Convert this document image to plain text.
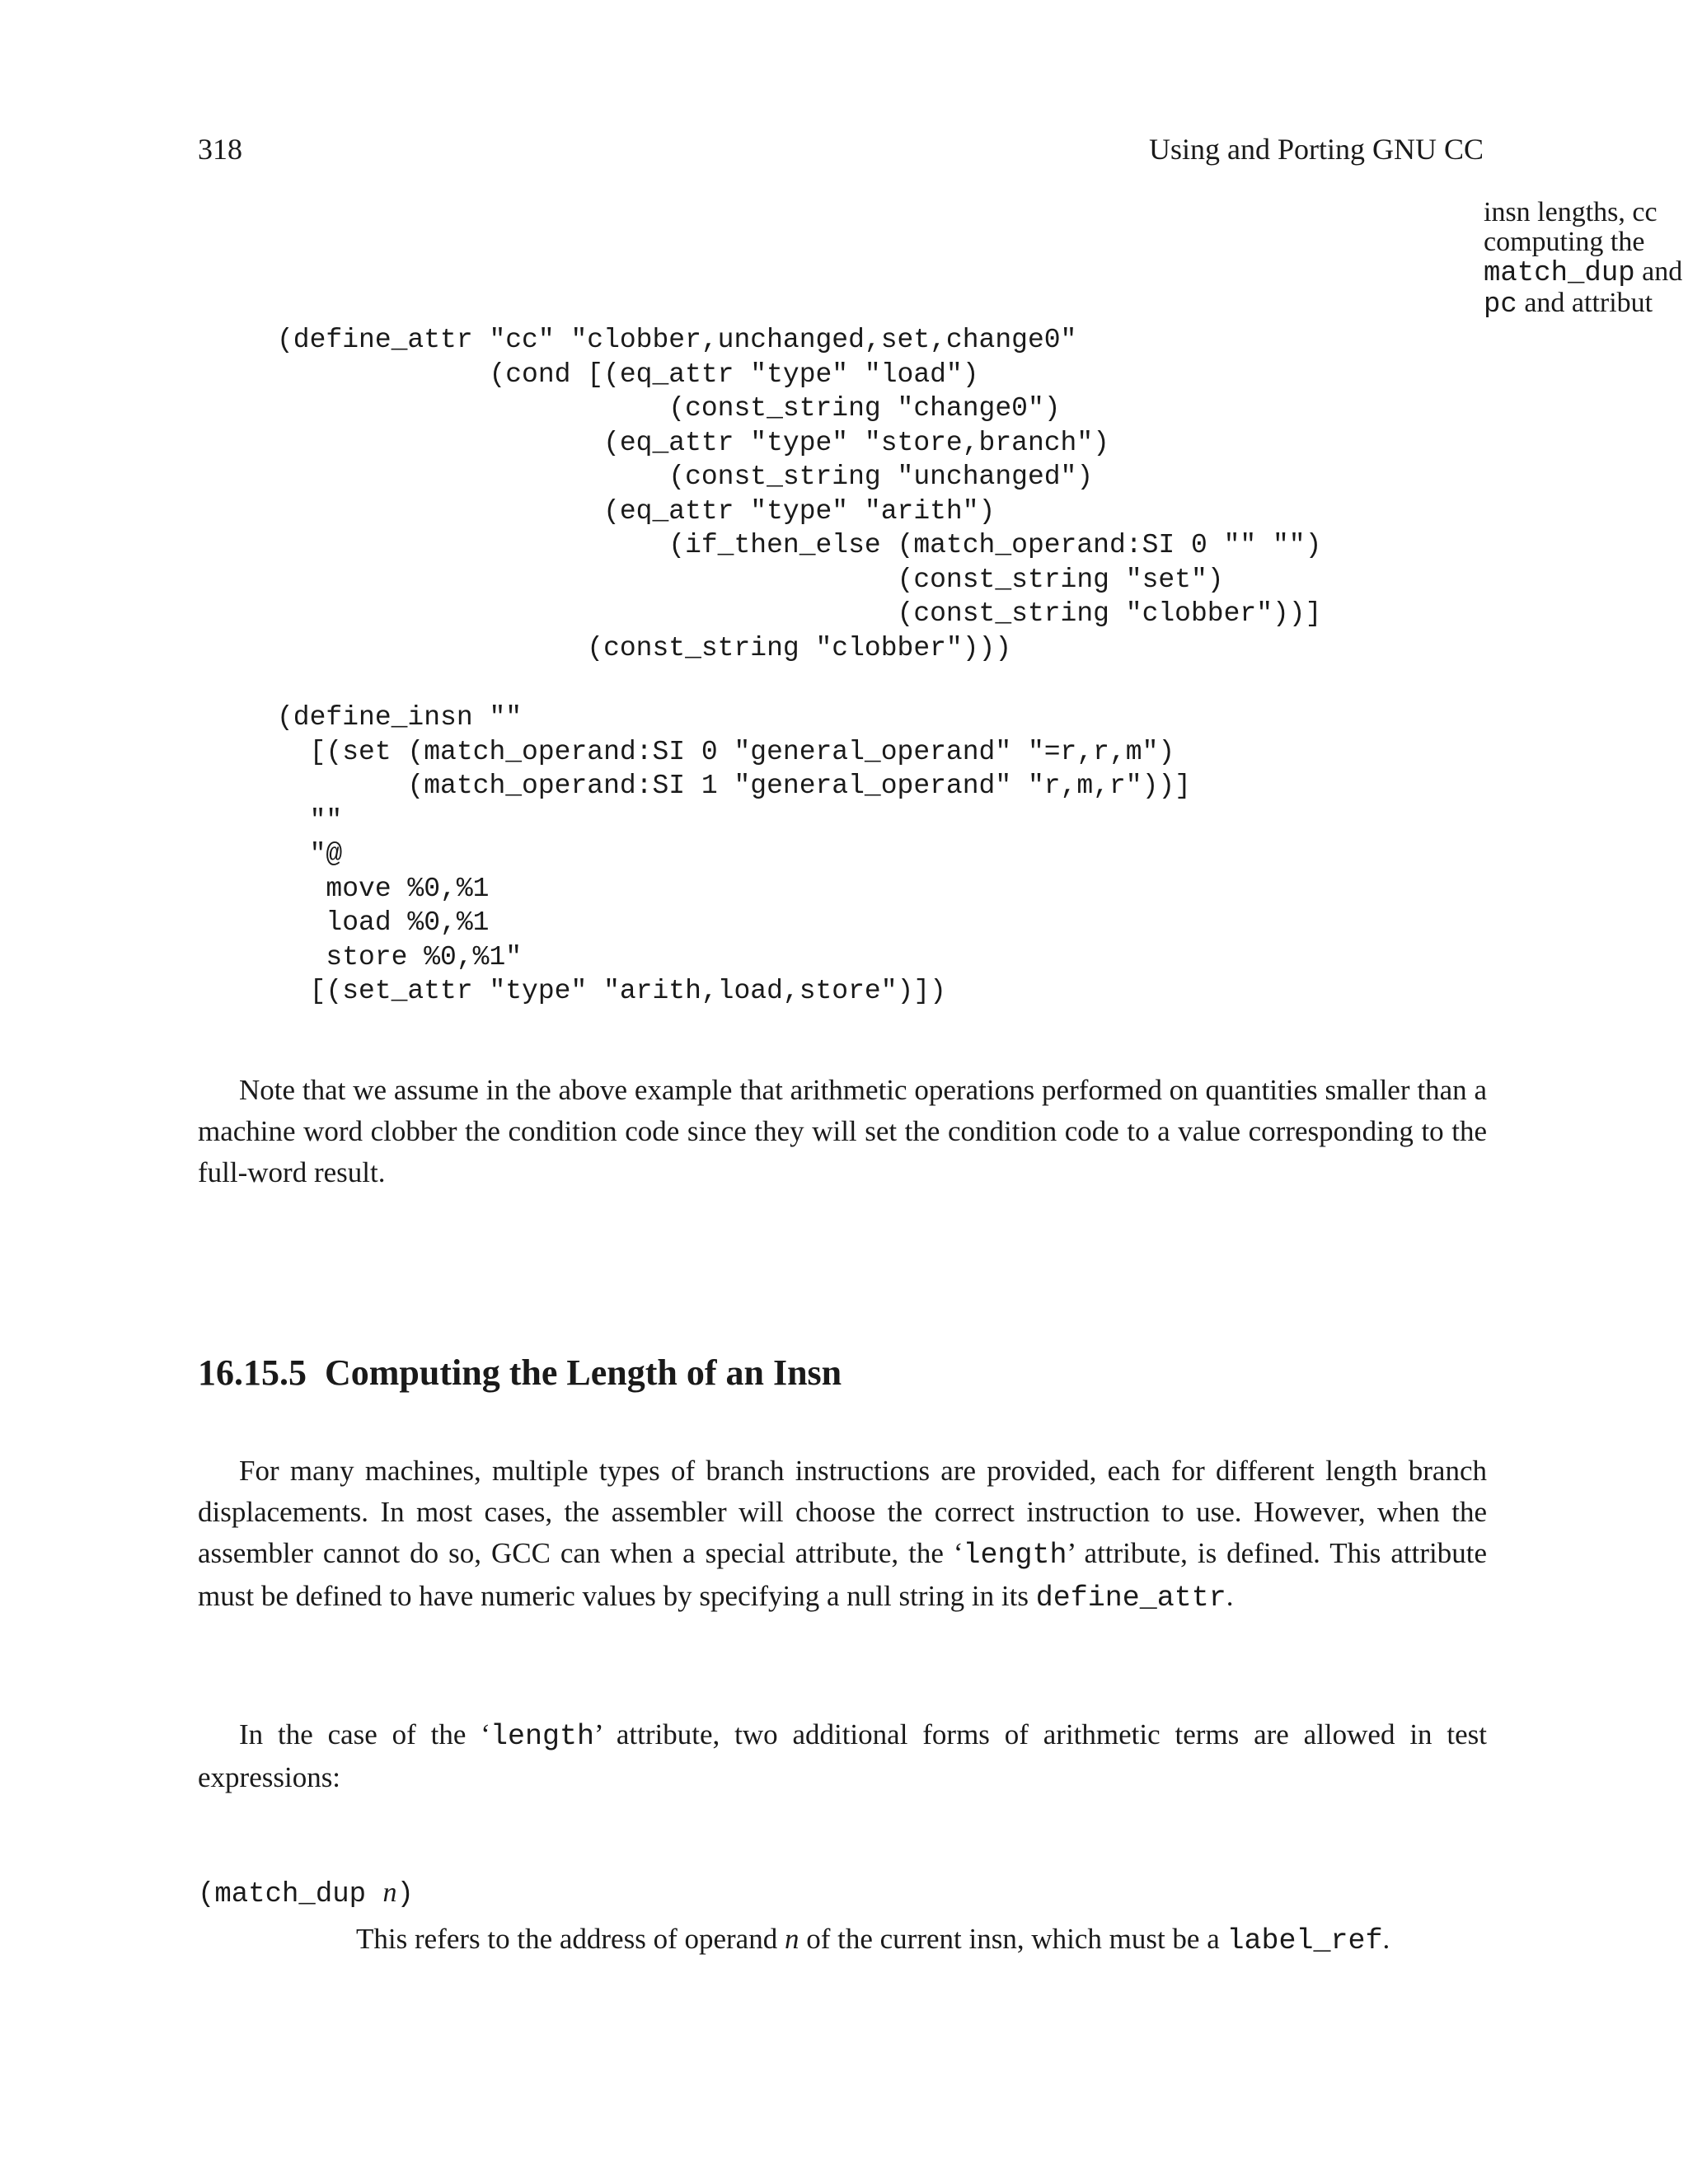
318	Using and Porting GNU CC
insn lengths, cc
computing the
match_dup and
pc and attribut
(define_attr "cc" "clobber,unchanged,set,change0"
(cond [(eq_attr "type" "load")
(const_string "change0")
(eq_attr "type" "store,branch")
(const_string "unchanged")
(eq_attr "type" "arith")
(if_then_else (match_operand:SI 0 "" "")
(const_string "set")
(const_string "clobber"))]
(const_string "clobber")))
(define_insn ""
[(set (match_operand:SI 0 "general_operand" "=r,r,m")
(match_operand:SI 1 "general_operand" "r,m,r"))]
""
"@
move %0,%1
load %0,%1
store %0,%1"
[(set_attr "type" "arith,load,store")])

Note that we assume in the above example that arithmetic operations performed on quantities smaller than a machine word clobber the condition code since they will set the condition code to a value corresponding to the full-word result.

16.15.5 Computing the Length of an Insn

For many machines, multiple types of branch instructions are provided, each for different length branch displacements. In most cases, the assembler will choose the correct instruction to use. However, when the assembler cannot do so, GCC can when a special attribute, the ‘length’ attribute, is defined. This attribute must be defined to have numeric values by specifying a null string in its define_attr.

In the case of the ‘length’ attribute, two additional forms of arithmetic terms are allowed in test expressions:

(match_dup n)
This refers to the address of operand n of the current insn, which must be a label_ref.
